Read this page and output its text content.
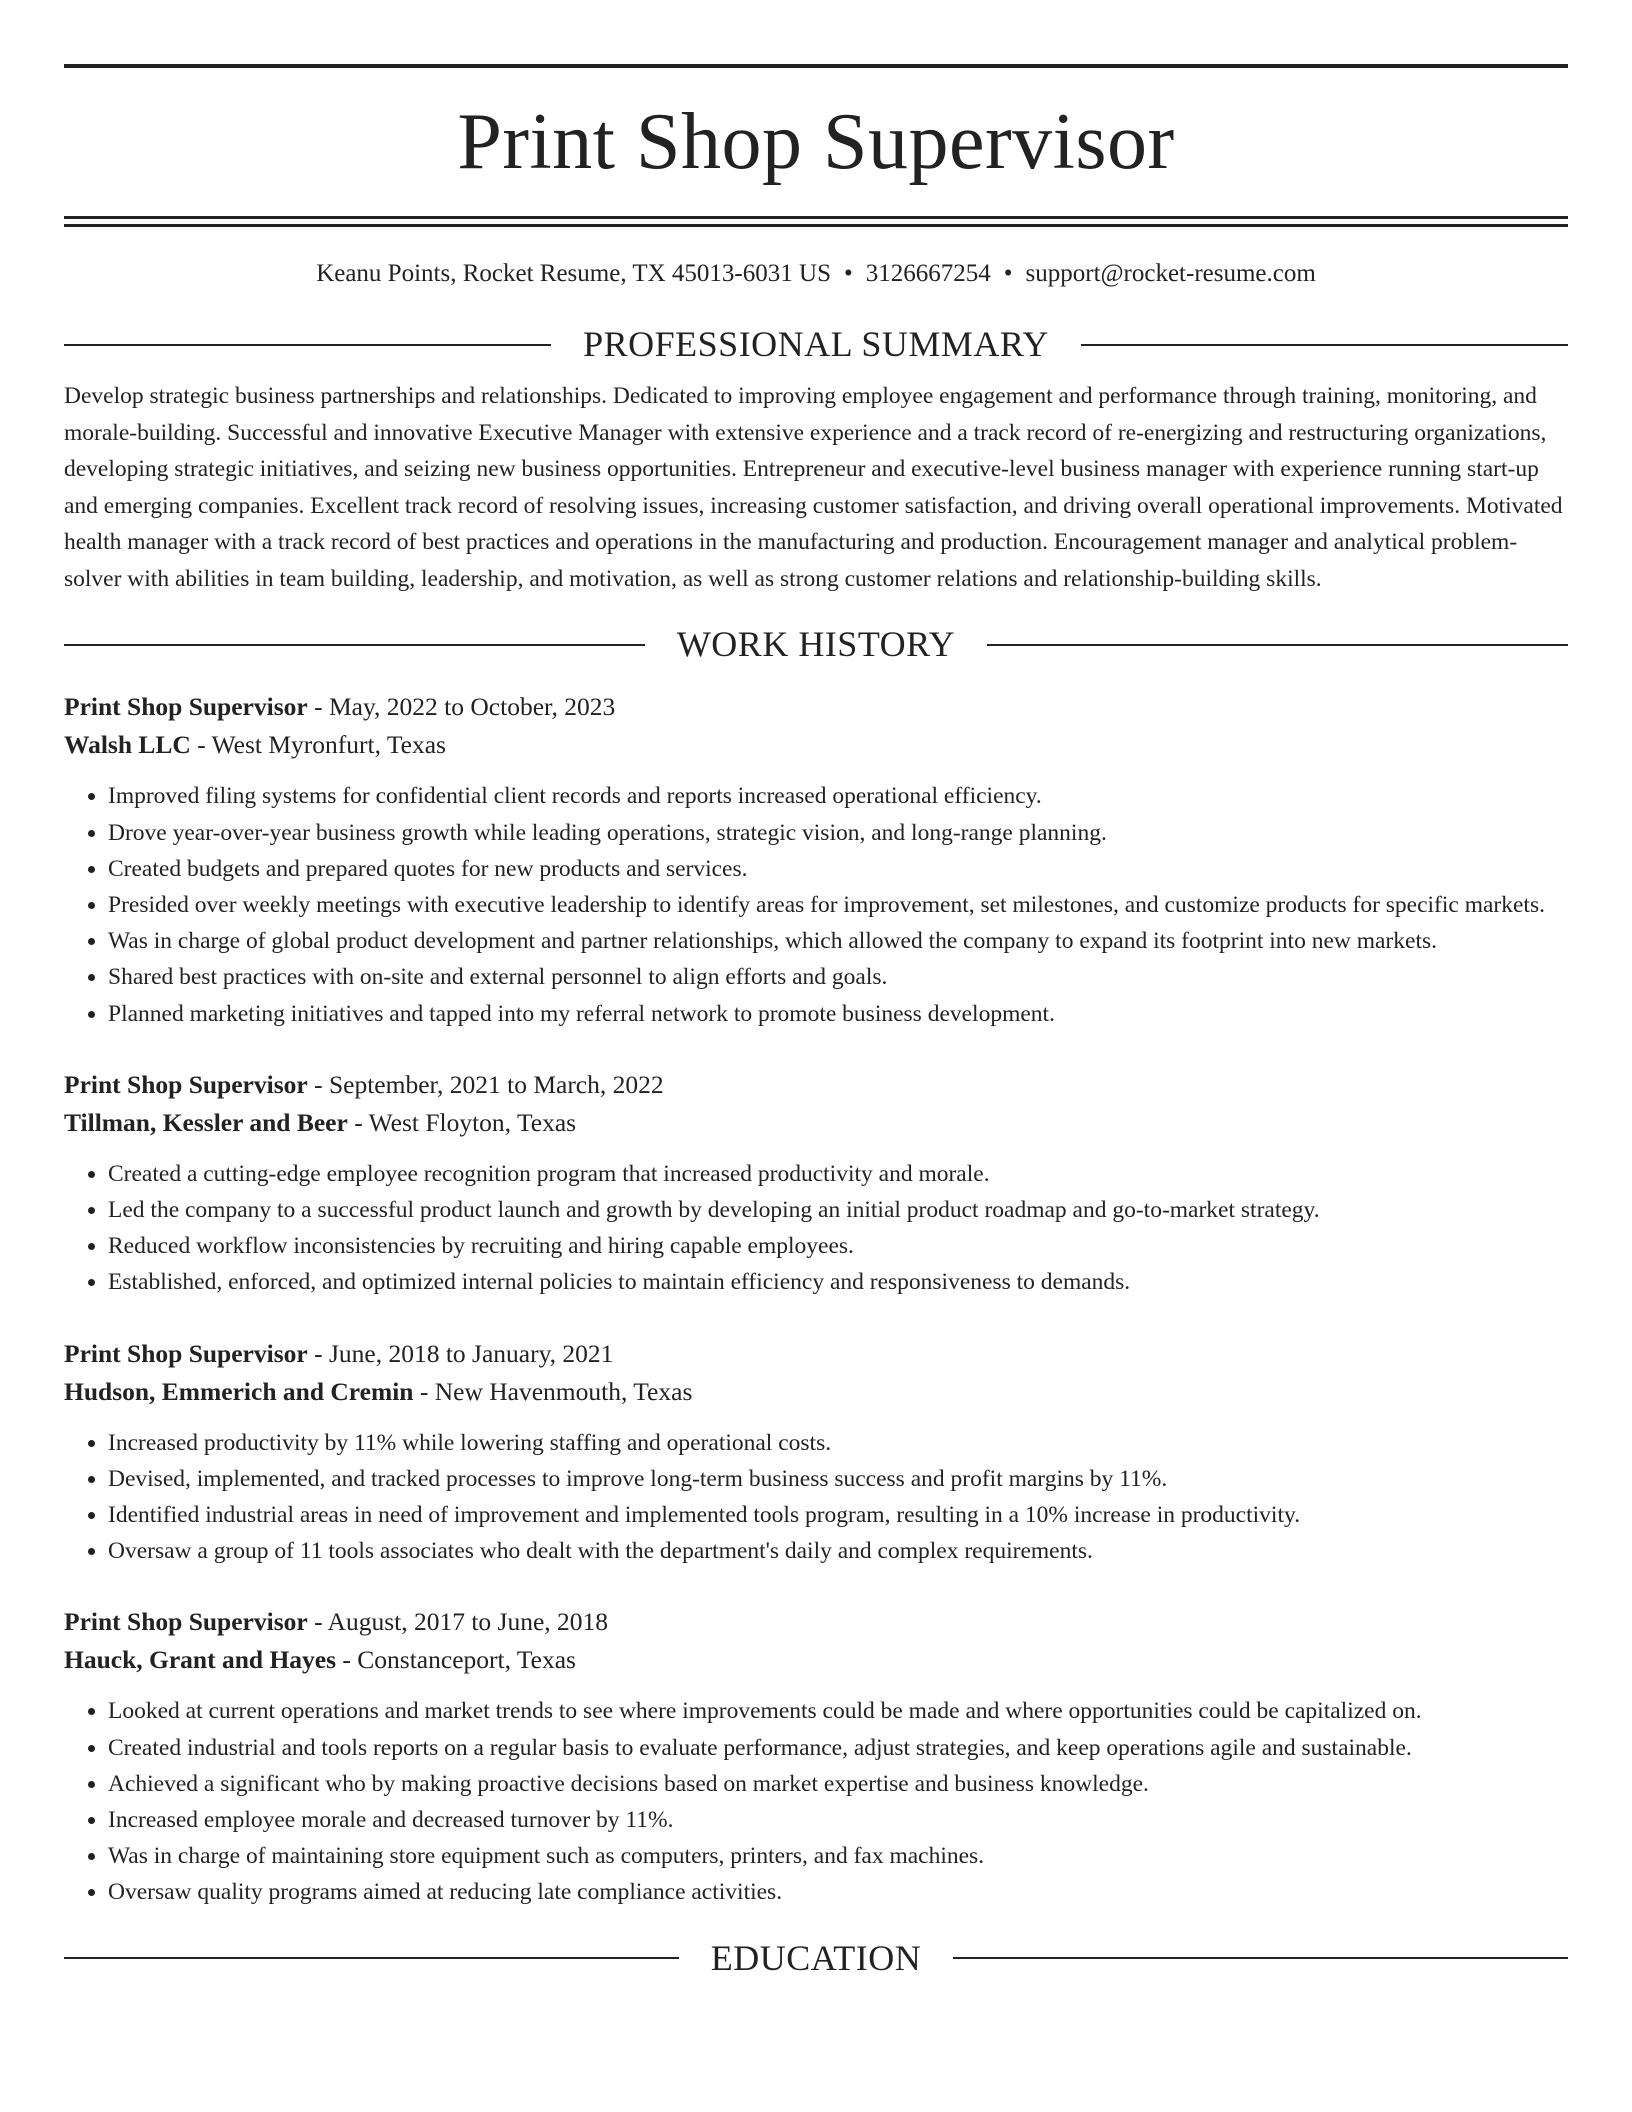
Print Shop Supervisor
Keanu Points, Rocket Resume, TX 45013-6031 US • 3126667254 • support@rocket-resume.com
PROFESSIONAL SUMMARY
Develop strategic business partnerships and relationships. Dedicated to improving employee engagement and performance through training, monitoring, and morale-building. Successful and innovative Executive Manager with extensive experience and a track record of re-energizing and restructuring organizations, developing strategic initiatives, and seizing new business opportunities. Entrepreneur and executive-level business manager with experience running start-up and emerging companies. Excellent track record of resolving issues, increasing customer satisfaction, and driving overall operational improvements. Motivated health manager with a track record of best practices and operations in the manufacturing and production. Encouragement manager and analytical problem-solver with abilities in team building, leadership, and motivation, as well as strong customer relations and relationship-building skills.
WORK HISTORY
Print Shop Supervisor - May, 2022 to October, 2023
Walsh LLC - West Myronfurt, Texas
• Improved filing systems for confidential client records and reports increased operational efficiency.
• Drove year-over-year business growth while leading operations, strategic vision, and long-range planning.
• Created budgets and prepared quotes for new products and services.
• Presided over weekly meetings with executive leadership to identify areas for improvement, set milestones, and customize products for specific markets.
• Was in charge of global product development and partner relationships, which allowed the company to expand its footprint into new markets.
• Shared best practices with on-site and external personnel to align efforts and goals.
• Planned marketing initiatives and tapped into my referral network to promote business development.
Print Shop Supervisor - September, 2021 to March, 2022
Tillman, Kessler and Beer - West Floyton, Texas
• Created a cutting-edge employee recognition program that increased productivity and morale.
• Led the company to a successful product launch and growth by developing an initial product roadmap and go-to-market strategy.
• Reduced workflow inconsistencies by recruiting and hiring capable employees.
• Established, enforced, and optimized internal policies to maintain efficiency and responsiveness to demands.
Print Shop Supervisor - June, 2018 to January, 2021
Hudson, Emmerich and Cremin - New Havenmouth, Texas
• Increased productivity by 11% while lowering staffing and operational costs.
• Devised, implemented, and tracked processes to improve long-term business success and profit margins by 11%.
• Identified industrial areas in need of improvement and implemented tools program, resulting in a 10% increase in productivity.
• Oversaw a group of 11 tools associates who dealt with the department's daily and complex requirements.
Print Shop Supervisor - August, 2017 to June, 2018
Hauck, Grant and Hayes - Constanceport, Texas
• Looked at current operations and market trends to see where improvements could be made and where opportunities could be capitalized on.
• Created industrial and tools reports on a regular basis to evaluate performance, adjust strategies, and keep operations agile and sustainable.
• Achieved a significant who by making proactive decisions based on market expertise and business knowledge.
• Increased employee morale and decreased turnover by 11%.
• Was in charge of maintaining store equipment such as computers, printers, and fax machines.
• Oversaw quality programs aimed at reducing late compliance activities.
EDUCATION
